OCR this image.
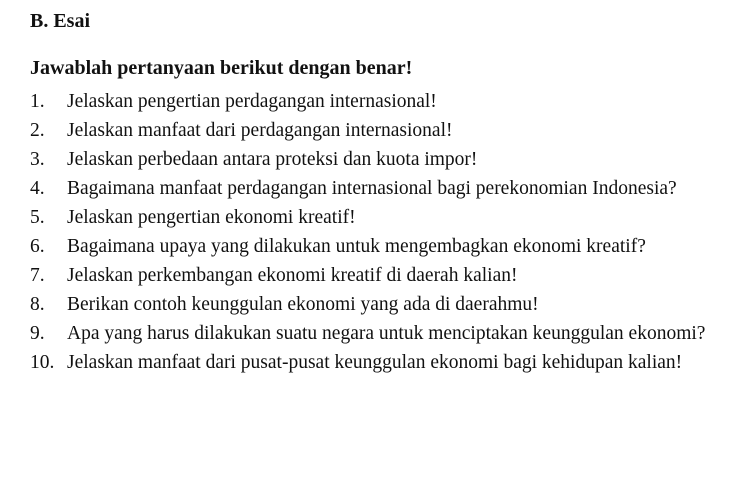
B. Esai
Jawablah pertanyaan berikut dengan benar!
1.	Jelaskan pengertian perdagangan internasional!
2.	Jelaskan manfaat dari perdagangan internasional!
3.	Jelaskan perbedaan antara proteksi dan kuota impor!
4.	Bagaimana manfaat perdagangan internasional bagi perekonomian Indonesia?
5.	Jelaskan pengertian ekonomi kreatif!
6.	Bagaimana upaya yang dilakukan untuk mengembagkan ekonomi kreatif?
7.	Jelaskan perkembangan ekonomi kreatif di daerah kalian!
8.	Berikan contoh keunggulan ekonomi yang ada di daerahmu!
9.	Apa yang harus dilakukan suatu negara untuk menciptakan keunggulan ekonomi?
10. Jelaskan manfaat dari pusat-pusat keunggulan ekonomi bagi kehidupan kalian!
